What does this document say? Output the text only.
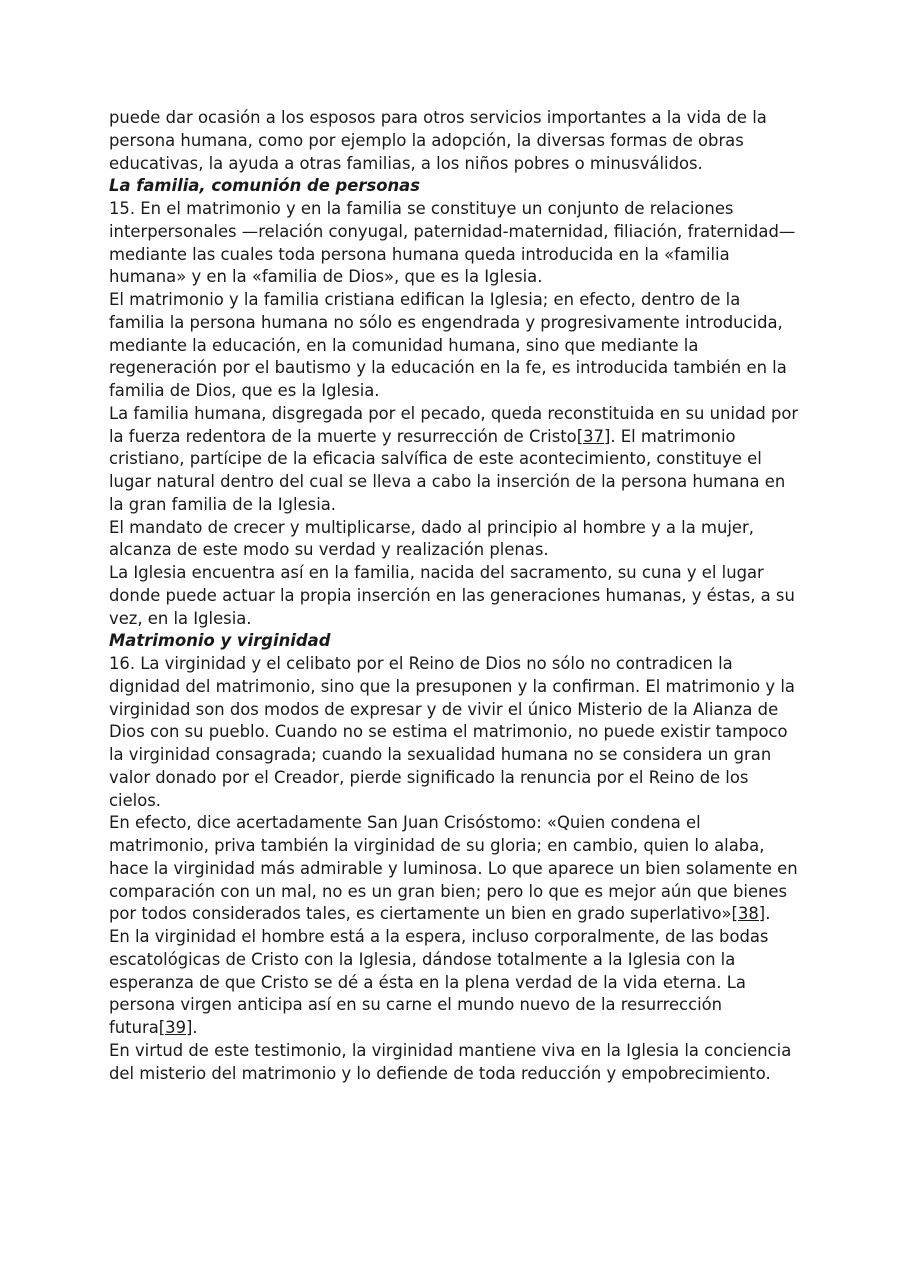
puede dar ocasión a los esposos para otros servicios importantes a la vida de la persona humana, como por ejemplo la adopción, la diversas formas de obras educativas, la ayuda a otras familias, a los niños pobres o minusválidos.

La familia, comunión de personas

15. En el matrimonio y en la familia se constituye un conjunto de relaciones interpersonales —relación conyugal, paternidad-maternidad, filiación, fraternidad— mediante las cuales toda persona humana queda introducida en la «familia humana» y en la «familia de Dios», que es la Iglesia.

El matrimonio y la familia cristiana edifican la Iglesia; en efecto, dentro de la familia la persona humana no sólo es engendrada y progresivamente introducida, mediante la educación, en la comunidad humana, sino que mediante la regeneración por el bautismo y la educación en la fe, es introducida también en la familia de Dios, que es la Iglesia.

La familia humana, disgregada por el pecado, queda reconstituida en su unidad por la fuerza redentora de la muerte y resurrección de Cristo[37]. El matrimonio cristiano, partícipe de la eficacia salvífica de este acontecimiento, constituye el lugar natural dentro del cual se lleva a cabo la inserción de la persona humana en la gran familia de la Iglesia.

El mandato de crecer y multiplicarse, dado al principio al hombre y a la mujer, alcanza de este modo su verdad y realización plenas.

La Iglesia encuentra así en la familia, nacida del sacramento, su cuna y el lugar donde puede actuar la propia inserción en las generaciones humanas, y éstas, a su vez, en la Iglesia.

Matrimonio y virginidad

16. La virginidad y el celibato por el Reino de Dios no sólo no contradicen la dignidad del matrimonio, sino que la presuponen y la confirman. El matrimonio y la virginidad son dos modos de expresar y de vivir el único Misterio de la Alianza de Dios con su pueblo. Cuando no se estima el matrimonio, no puede existir tampoco la virginidad consagrada; cuando la sexualidad humana no se considera un gran valor donado por el Creador, pierde significado la renuncia por el Reino de los cielos.

En efecto, dice acertadamente San Juan Crisóstomo: «Quien condena el matrimonio, priva también la virginidad de su gloria; en cambio, quien lo alaba, hace la virginidad más admirable y luminosa. Lo que aparece un bien solamente en comparación con un mal, no es un gran bien; pero lo que es mejor aún que bienes por todos considerados tales, es ciertamente un bien en grado superlativo»[38].

En la virginidad el hombre está a la espera, incluso corporalmente, de las bodas escatológicas de Cristo con la Iglesia, dándose totalmente a la Iglesia con la esperanza de que Cristo se dé a ésta en la plena verdad de la vida eterna. La persona virgen anticipa así en su carne el mundo nuevo de la resurrección futura[39].

En virtud de este testimonio, la virginidad mantiene viva en la Iglesia la conciencia del misterio del matrimonio y lo defiende de toda reducción y empobrecimiento.
